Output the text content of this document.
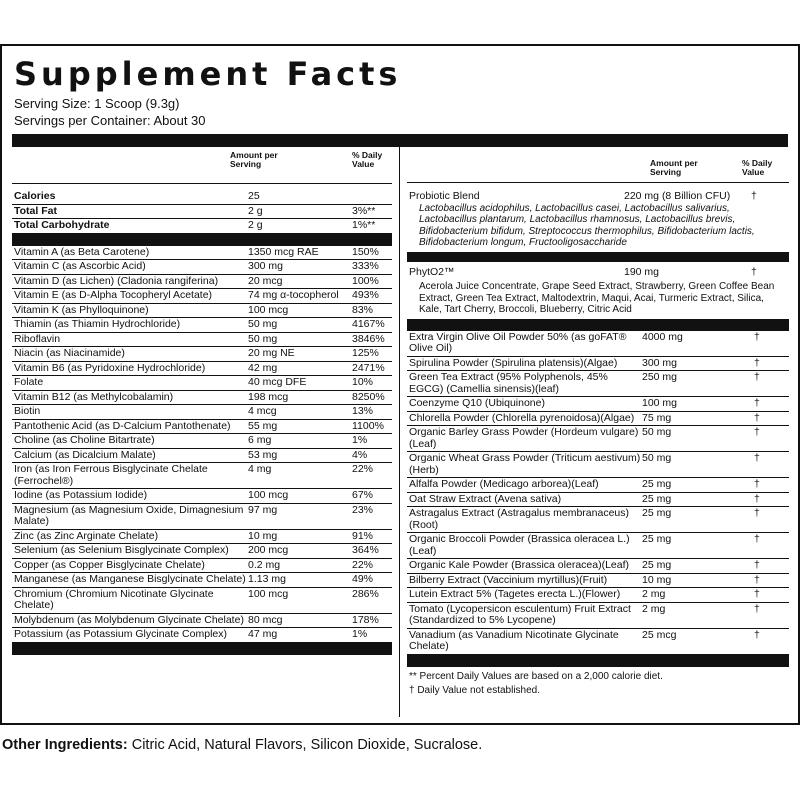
Supplement Facts
Serving Size: 1 Scoop (9.3g)
Servings per Container: About 30
Amount per
Serving
% Daily
Value
Calories	25
Total Fat	2 g	3%**
Total Carbohydrate	2 g	1%**
Vitamin A (as Beta Carotene)	1350 mcg RAE	150%
Vitamin C (as Ascorbic Acid)	300 mg	333%
Vitamin D (as Lichen) (Cladonia rangiferina)	20 mcg	100%
Vitamin E (as D-Alpha Tocopheryl Acetate)	74 mg α-tocopherol	493%
Vitamin K (as Phylloquinone)	100 mcg	83%
Thiamin (as Thiamin Hydrochloride)	50 mg	4167%
Riboflavin	50 mg	3846%
Niacin (as Niacinamide)	20 mg NE	125%
Vitamin B6 (as Pyridoxine Hydrochloride)	42 mg	2471%
Folate	40 mcg DFE	10%
Vitamin B12 (as Methylcobalamin)	198 mcg	8250%
Biotin	4 mcg	13%
Pantothenic Acid (as D-Calcium Pantothenate)	55 mg	1100%
Choline (as Choline Bitartrate)	6 mg	1%
Calcium (as Dicalcium Malate)	53 mg	4%
Iron (as Iron Ferrous Bisglycinate Chelate (Ferrochel®)
4 mg	22%
Iodine (as Potassium Iodide)	100 mcg	67%
Magnesium (as Magnesium Oxide, Dimagnesium Malate)
97 mg	23%
Zinc (as Zinc Arginate Chelate)	10 mg	91%
Selenium (as Selenium Bisglycinate Complex)	200 mcg	364%
Copper (as Copper Bisglycinate Chelate)	0.2 mg	22%
Manganese (as Manganese Bisglycinate Chelate) 1.13 mg	49%
Chromium (Chromium Nicotinate Glycinate Chelate)
100 mcg	286%
Molybdenum (as Molybdenum Glycinate Chelate) 80 mcg	178%
Potassium (as Potassium Glycinate Complex)	47 mg	1%
Amount per
Serving
% Daily
Value
Probiotic Blend	220 mg (8 Billion CFU)	†
Lactobacillus acidophilus, Lactobacillus casei, Lactobacillus salivarius, Lactobacillus plantarum, Lactobacillus rhamnosus, Lactobacillus brevis, Bifidobacterium bifidum, Streptococcus thermophilus, Bifidobacterium lactis, Bifidobacterium longum, Fructooligosaccharide
PhytO2™	190 mg	†
Acerola Juice Concentrate, Grape Seed Extract, Strawberry, Green Coffee Bean Extract, Green Tea Extract, Maltodextrin, Maqui, Acai, Turmeric Extract, Silica, Kale, Tart Cherry, Broccoli, Blueberry, Citric Acid
Extra Virgin Olive Oil Powder 50% (as goFAT® Olive Oil)
4000 mg	†
Spirulina Powder (Spirulina platensis)(Algae)	300 mg	†
Green Tea Extract (95% Polyphenols, 45% EGCG) (Camellia sinensis)(leaf)
250 mg	†
Coenzyme Q10 (Ubiquinone)	100 mg	†
Chlorella Powder (Chlorella pyrenoidosa)(Algae) 75 mg	†
Organic Barley Grass Powder (Hordeum vulgare)(Leaf)
50 mg	†
Organic Wheat Grass Powder (Triticum aestivum)(Herb)
50 mg	†
Alfalfa Powder (Medicago arborea)(Leaf)	25 mg	†
Oat Straw Extract (Avena sativa)	25 mg	†
Astragalus Extract (Astragalus membranaceus)(Root)
25 mg	†
Organic Broccoli Powder (Brassica oleracea L.)(Leaf)
25 mg	†
Organic Kale Powder (Brassica oleracea)(Leaf)	25 mg	†
Bilberry Extract (Vaccinium myrtillus)(Fruit)	10 mg	†
Lutein Extract 5% (Tagetes erecta L.)(Flower)	2 mg	†
Tomato (Lycopersicon esculentum) Fruit Extract (Standardized to 5% Lycopene)
2 mg	†
Vanadium (as Vanadium Nicotinate Glycinate Chelate)
25 mcg	†
** Percent Daily Values are based on a 2,000 calorie diet.
† Daily Value not established.
Other Ingredients: Citric Acid, Natural Flavors, Silicon Dioxide, Sucralose.
